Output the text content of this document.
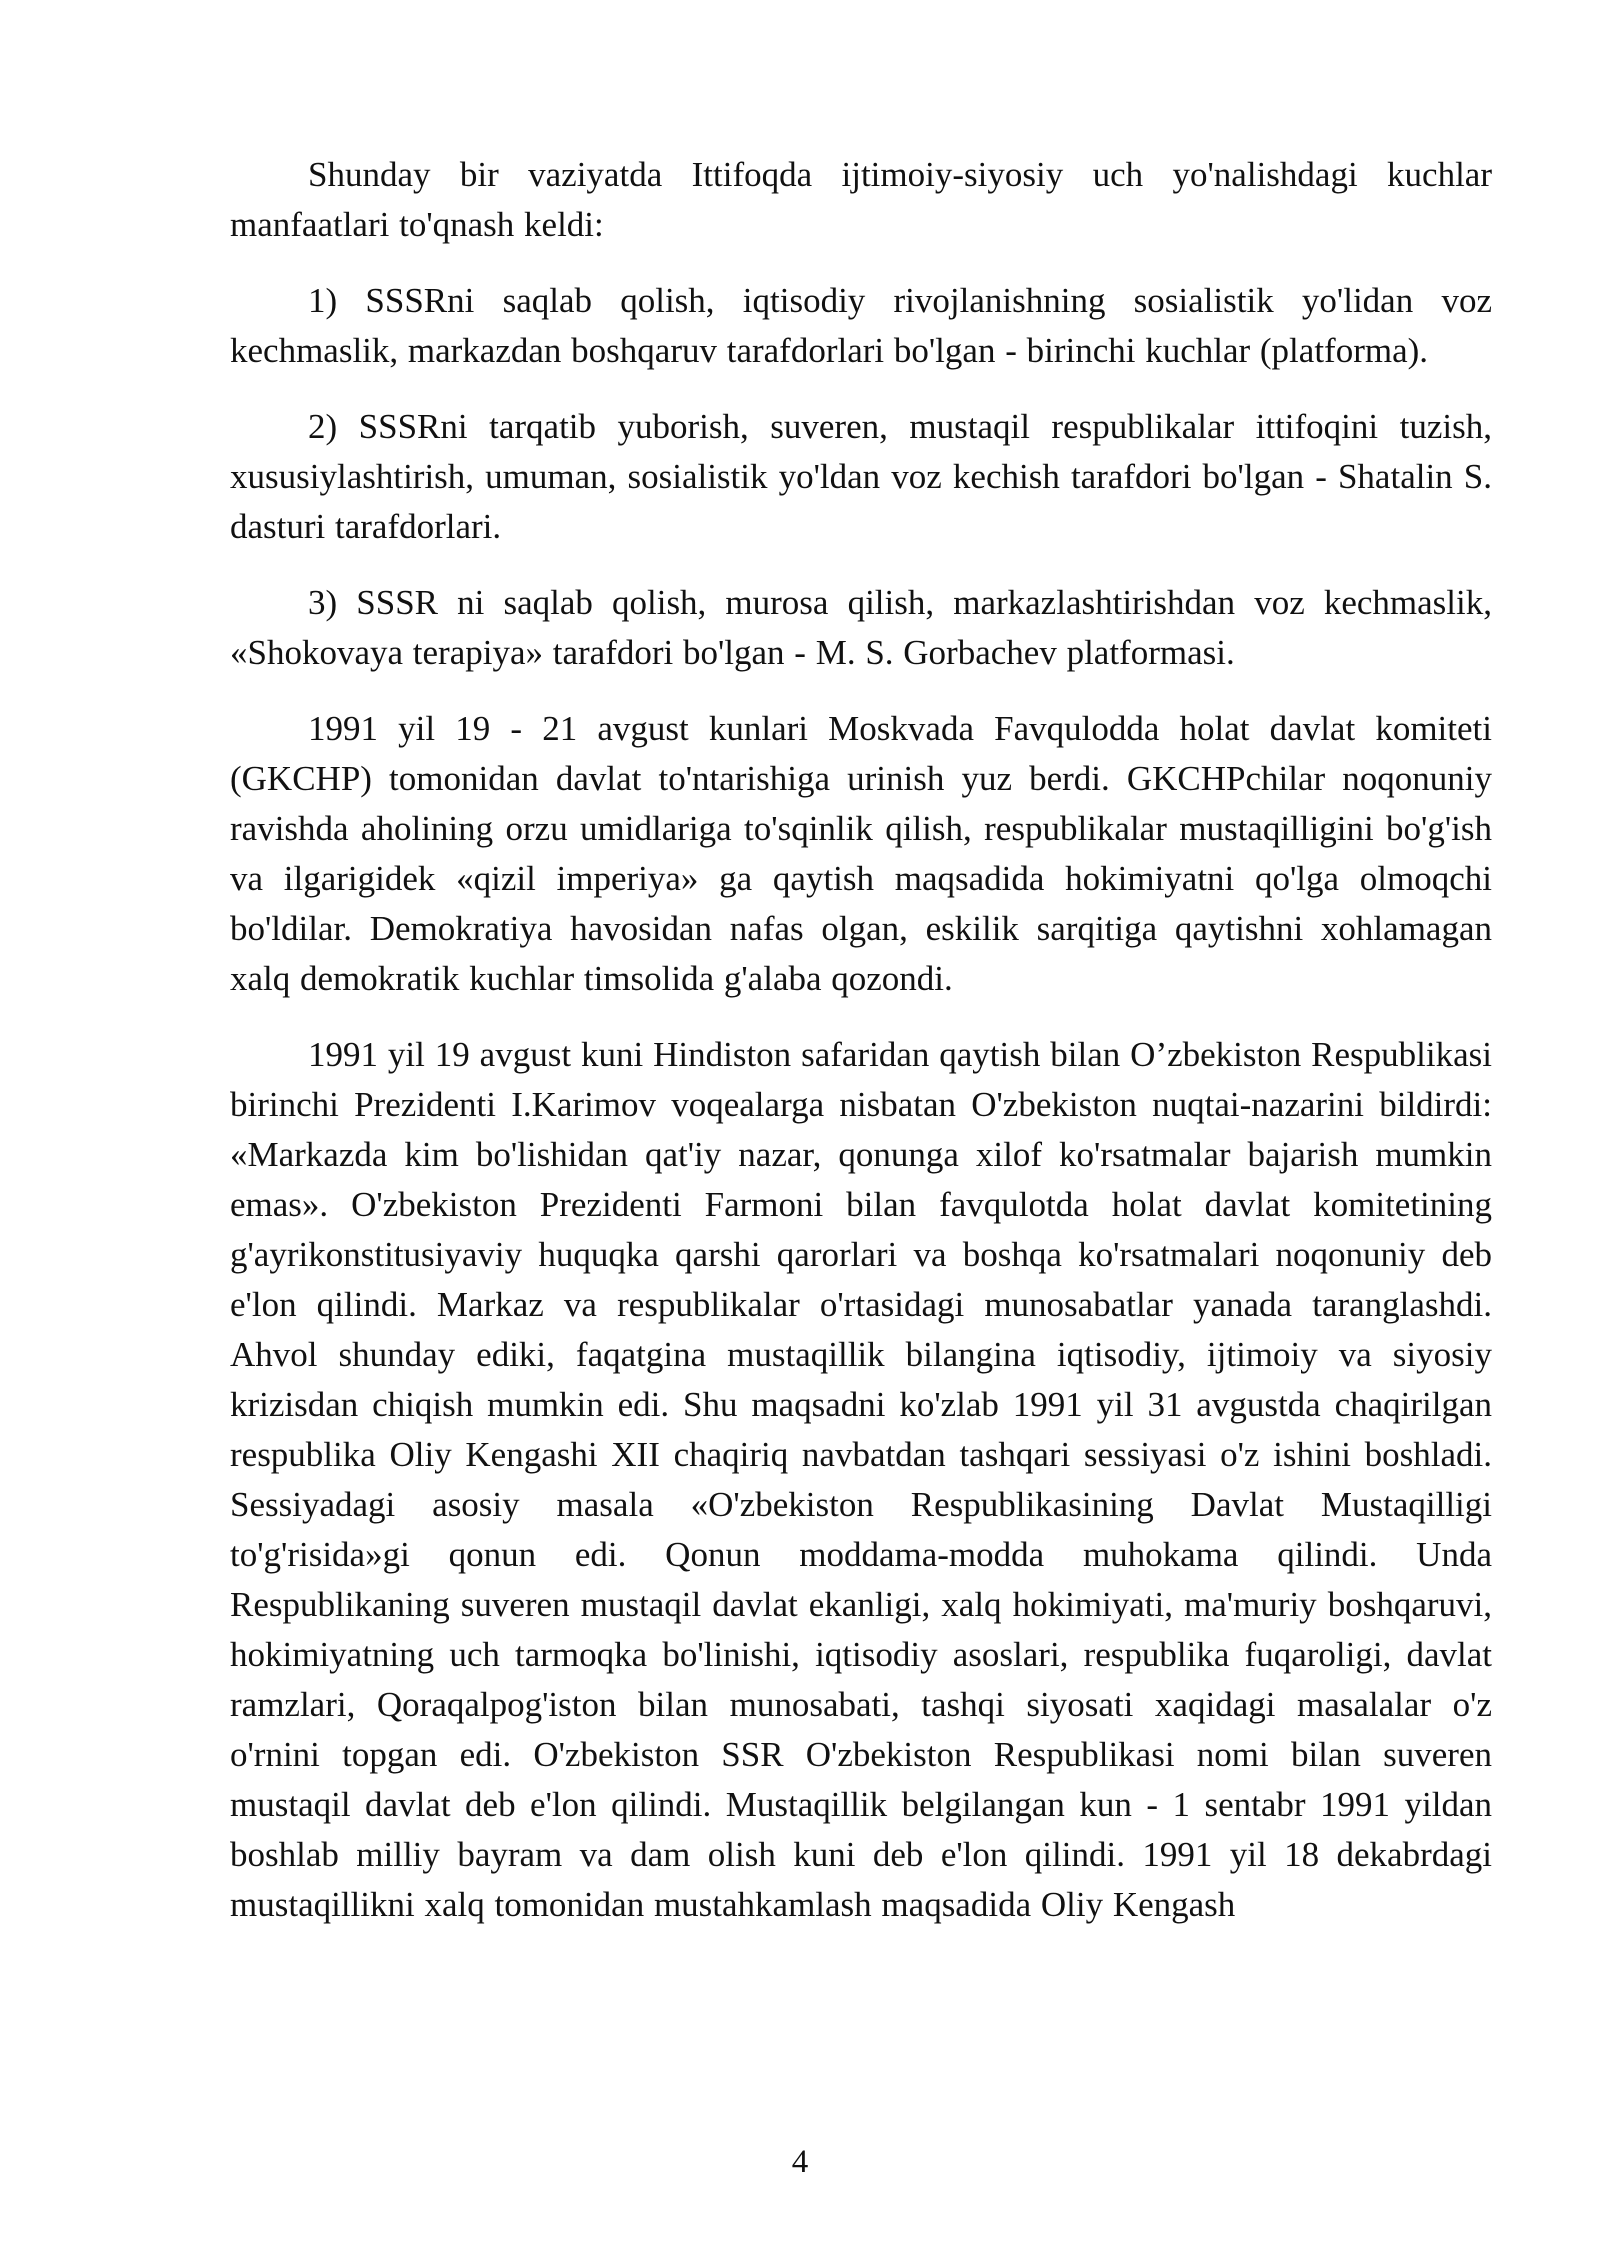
Shunday bir vaziyatda Ittifoqda ijtimoiy-siyosiy uch yo'nalishdagi kuchlar manfaatlari to'qnash keldi:

1) SSSRni saqlab qolish, iqtisodiy rivojlanishning sosialistik yo'lidan voz kechmaslik, markazdan boshqaruv tarafdorlari bo'lgan - birinchi kuchlar (platforma).

2) SSSRni tarqatib yuborish, suveren, mustaqil respublikalar ittifoqini tuzish, xususiylashtirish, umuman, sosialistik yo'ldan voz kechish tarafdori bo'lgan - Shatalin S. dasturi tarafdorlari.

3) SSSR ni saqlab qolish, murosa qilish, markazlashtirishdan voz kechmaslik, «Shokovaya terapiya» tarafdori bo'lgan - M. S. Gorbachev platformasi.

1991 yil 19 - 21 avgust kunlari Moskvada Favqulodda holat davlat komiteti (GKCHP) tomonidan davlat to'ntarishiga urinish yuz berdi. GKCHPchilar noqonuniy ravishda aholining orzu umidlariga to'sqinlik qilish, respublikalar mustaqilligini bo'g'ish va ilgarigidek «qizil imperiya» ga qaytish maqsadida hokimiyatni qo'lga olmoqchi bo'ldilar. Demokratiya havosidan nafas olgan, eskilik sarqitiga qaytishni xohlamagan xalq demokratik kuchlar timsolida g'alaba qozondi.

1991 yil 19 avgust kuni Hindiston safaridan qaytish bilan O’zbekiston Respublikasi birinchi Prezidenti I.Karimov voqealarga nisbatan O'zbekiston nuqtai-nazarini bildirdi: «Markazda kim bo'lishidan qat'iy nazar, qonunga xilof ko'rsatmalar bajarish mumkin emas». O'zbekiston Prezidenti Farmoni bilan favqulotda holat davlat komitetining g'ayrikonstitusiyaviy huquqka qarshi qarorlari va boshqa ko'rsatmalari noqonuniy deb e'lon qilindi. Markaz va respublikalar o'rtasidagi munosabatlar yanada taranglashdi. Ahvol shunday ediki, faqatgina mustaqillik bilangina iqtisodiy, ijtimoiy va siyosiy krizisdan chiqish mumkin edi. Shu maqsadni ko'zlab 1991 yil 31 avgustda chaqirilgan respublika Oliy Kengashi XII chaqiriq navbatdan tashqari sessiyasi o'z ishini boshladi. Sessiyadagi asosiy masala «O'zbekiston Respublikasining Davlat Mustaqilligi to'g'risida»gi qonun edi. Qonun moddama-modda muhokama qilindi. Unda Respublikaning suveren mustaqil davlat ekanligi, xalq hokimiyati, ma'muriy boshqaruvi, hokimiyatning uch tarmoqka bo'linishi, iqtisodiy asoslari, respublika fuqaroligi, davlat ramzlari, Qoraqalpog'iston bilan munosabati, tashqi siyosati xaqidagi masalalar o'z o'rnini topgan edi. O'zbekiston SSR O'zbekiston Respublikasi nomi bilan suveren mustaqil davlat deb e'lon qilindi. Mustaqillik belgilangan kun - 1 sentabr 1991 yildan boshlab milliy bayram va dam olish kuni deb e'lon qilindi. 1991 yil 18 dekabrdagi mustaqillikni xalq tomonidan mustahkamlash maqsadida Oliy Kengash

4
